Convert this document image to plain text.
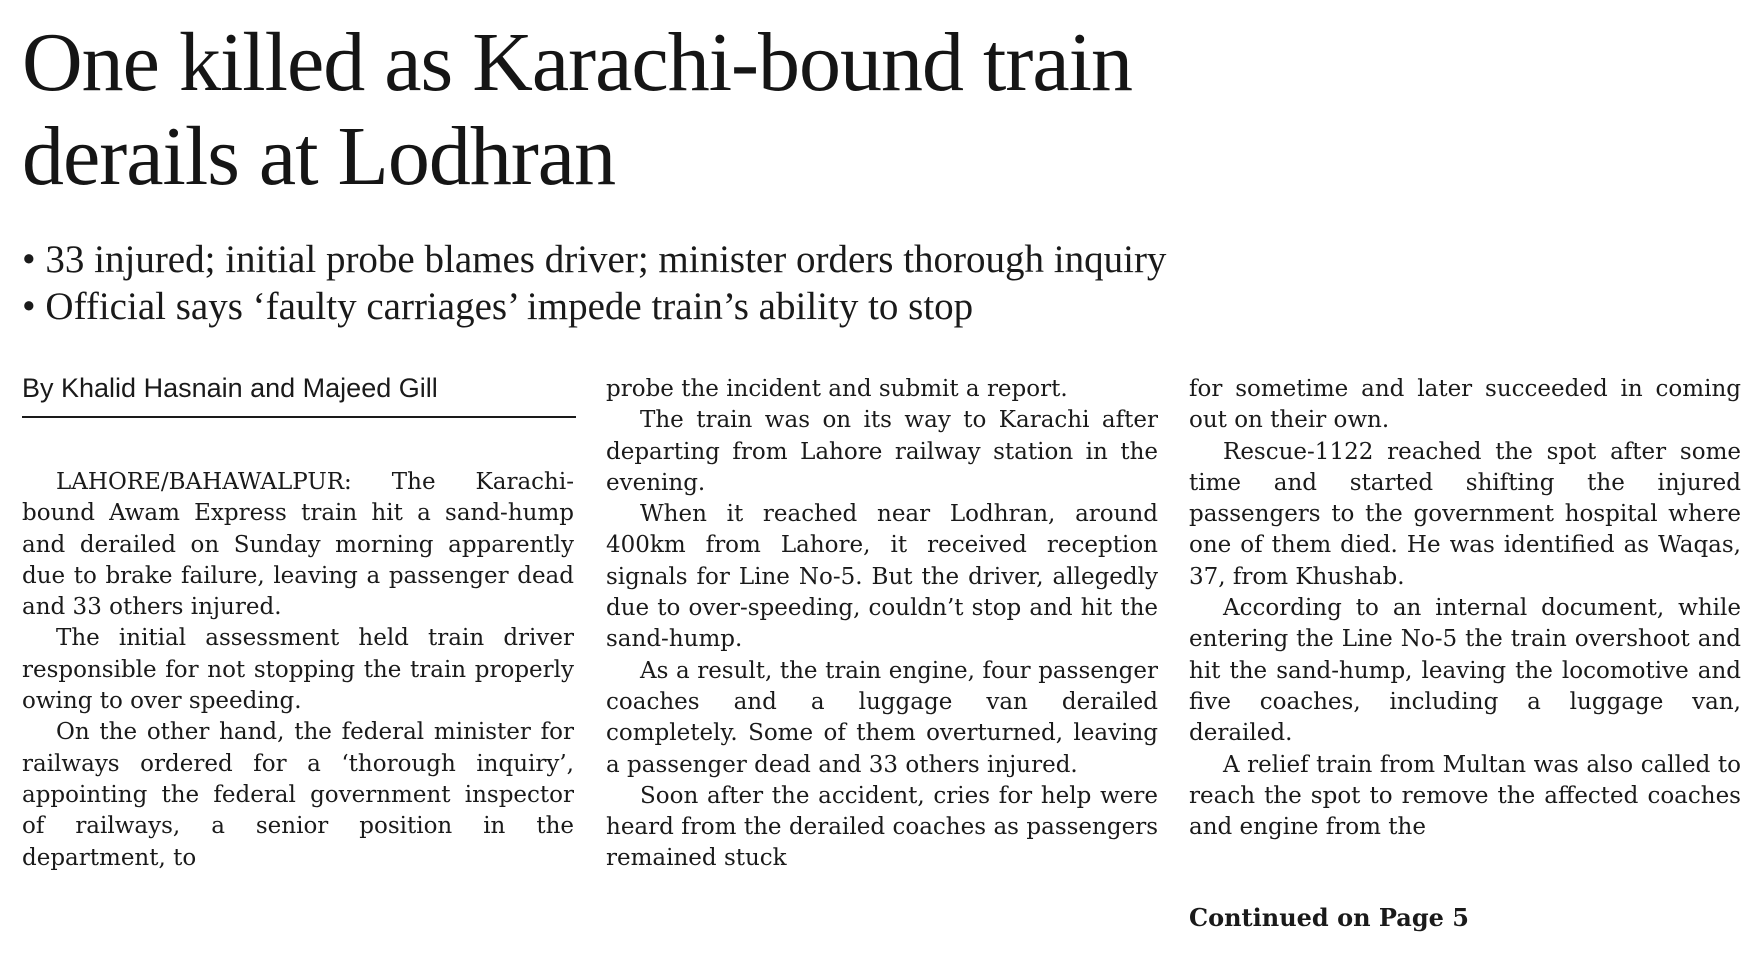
One killed as Karachi-bound train
derails at Lodhran
• 33 injured; initial probe blames driver; minister orders thorough inquiry
• Official says ‘faulty carriages’ impede train’s ability to stop
By Khalid Hasnain and Majeed Gill

LAHORE/BAHAWALPUR: The Karachi-bound Awam Express train hit a sand-hump and derailed on Sunday morning apparently due to brake failure, leaving a passenger dead and 33 others injured.

The initial assessment held train driver responsible for not stopping the train properly owing to over speeding.

On the other hand, the federal minister for railways ordered for a ‘thorough inquiry’, appointing the federal government inspector of railways, a senior position in the department, to

probe the incident and submit a report.

The train was on its way to Karachi after departing from Lahore railway station in the evening.

When it reached near Lodhran, around 400km from Lahore, it received reception signals for Line No-5. But the driver, allegedly due to over-speeding, couldn’t stop and hit the sand-hump.

As a result, the train engine, four passenger coaches and a luggage van derailed completely. Some of them overturned, leaving a passenger dead and 33 others injured.

Soon after the accident, cries for help were heard from the derailed coaches as passengers remained stuck

for sometime and later succeeded in coming out on their own.

Rescue-1122 reached the spot after some time and started shifting the injured passengers to the government hospital where one of them died. He was identified as Waqas, 37, from Khushab.

According to an internal document, while entering the Line No-5 the train overshoot and hit the sand-hump, leaving the locomotive and five coaches, including a luggage van, derailed.

A relief train from Multan was also called to reach the spot to remove the affected coaches and engine from the

Continued on Page 5
